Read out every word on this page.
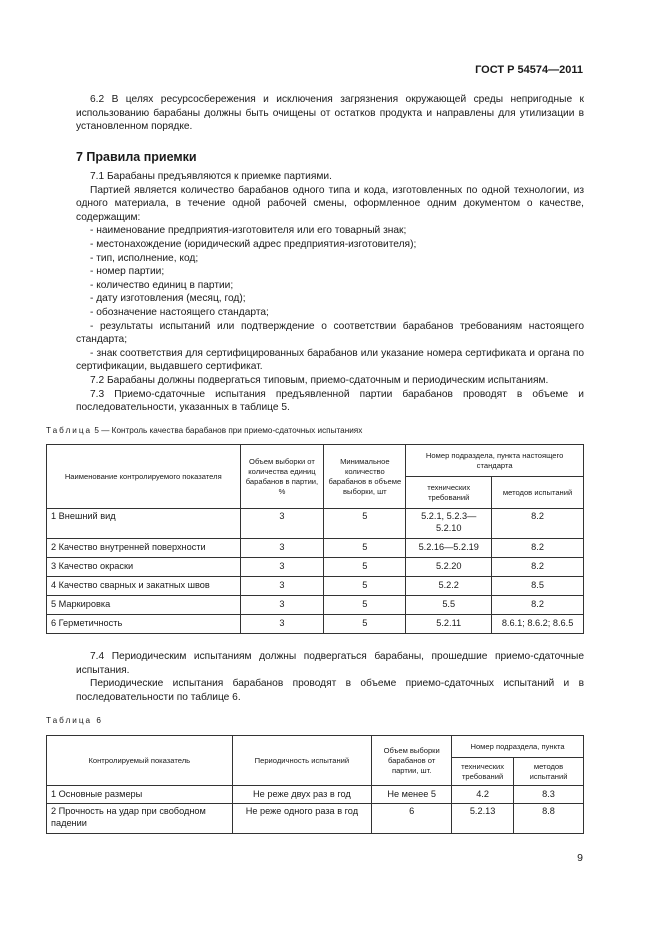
ГОСТ Р 54574—2011

6.2 В целях ресурсосбережения и исключения загрязнения окружающей среды непригодные к использованию барабаны должны быть очищены от остатков продукта и направлены для утилизации в установленном порядке.

7 Правила приемки

7.1 Барабаны предъявляются к приемке партиями.

Партией является количество барабанов одного типа и кода, изготовленных по одной технологии, из одного материала, в течение одной рабочей смены, оформленное одним документом о качестве, содержащим:

- наименование предприятия-изготовителя или его товарный знак;

- местонахождение (юридический адрес предприятия-изготовителя);

- тип, исполнение, код;

- номер партии;

- количество единиц в партии;

- дату изготовления (месяц, год);

- обозначение настоящего стандарта;

- результаты испытаний или подтверждение о соответствии барабанов требованиям настоящего стандарта;

- знак соответствия для сертифицированных барабанов или указание номера сертификата и органа по сертификации, выдавшего сертификат.

7.2 Барабаны должны подвергаться типовым, приемо-сдаточным и периодическим испытаниям.

7.3 Приемо-сдаточные испытания предъявленной партии барабанов проводят в объеме и последовательности, указанных в таблице 5.

Таблица 5 — Контроль качества барабанов при приемо-сдаточных испытаниях
Наименование контролируемого показателя	Объем выборки от количества единиц барабанов в партии, %	Минимальное количество барабанов в объеме выборки, шт	Номер подраздела, пункта настоящего стандарта	
			технических требований	методов испытаний
1 Внешний вид	3	5	5.2.1, 5.2.3—5.2.10	8.2
2 Качество внутренней поверхности	3	5	5.2.16—5.2.19	8.2
3 Качество окраски	3	5	5.2.20	8.2
4 Качество сварных и закатных швов	3	5	5.2.2	8.5
5 Маркировка	3	5	5.5	8.2
6 Герметичность	3	5	5.2.11	8.6.1; 8.6.2; 8.6.5

7.4 Периодическим испытаниям должны подвергаться барабаны, прошедшие приемо-сдаточные испытания.

Периодические испытания барабанов проводят в объеме приемо-сдаточных испытаний и в последовательности по таблице 6.

Таблица 6
Контролируемый показатель	Периодичность испытаний	Объем выборки барабанов от партии, шт.	Номер подраздела, пункта	
			технических требований	методов испытаний
1 Основные размеры	Не реже двух раз в год	Не менее 5	4.2	8.3
2 Прочность на удар при свободном падении	Не реже одного раза в год	6	5.2.13	8.8
9
